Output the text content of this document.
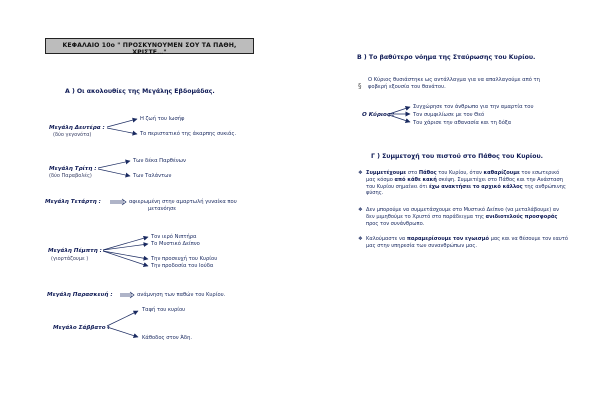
ΚΕΦΑΛΑΙΟ 10ο " ΠΡΟΣΚΥΝΟΥΜΕΝ ΣΟΥ ΤΑ ΠΑΘΗ, ΧΡΙΣΤΕ…"
Α ) Οι ακολουθίες της Μεγάλης Εβδομάδας.
Μεγάλη Δευτέρα :
(δύο γεγονότα)
Η ζωή του Ιωσήφ
Το περιστατικό της άκαρπης συκιάς.
Μεγάλη Τρίτη :
(δύο Παραβολές)
Των δέκα Παρθένων
Των Ταλάντων
Μεγάλη Τετάρτη :	αφιερωμένη στην αμαρτωλή γυναίκα που
μετανόησε
Μεγάλη Πέμπτη :
(γιορτάζουμε )
Τον ιερό Νιπτήρα
Το Μυστικό Δείπνο
Την προσευχή του Κυρίου
Την προδοσία του Ιούδα
Μεγάλη Παρασκευή :	ανάμνηση των παθών του Κυρίου.
Μεγάλο Σάββατο :
Ταφή του κυρίου
Κάθοδος στον Άδη.
Β ) Το βαθύτερο νόημα της Σταύρωσης του Κυρίου.
§
Ο Κύριος θυσιάστηκε ως αντάλλαγμα για να απαλλαγούμε από τη
φοβερή εξουσία του θανάτου.
Ο Κύριος :
Συγχώρησε τον άνθρωπο για την αμαρτία του
Τον συμφιλίωσε με τον Θεό
Του χάρισε την αθανασία και τη δόξα
Γ ) Συμμετοχή του πιστού στο Πάθος του Κυρίου.
❖ Συμμετέχουμε στο Πάθος του Κυρίου, όταν καθαρίζουμε τον εσωτερικό μας κόσμο από κάθε κακή σκέψη. Συμμετέχει στο Πάθος και την Ανάσταση του Κυρίου σημαίνει ότι έχω ανακτήσει το αρχικό κάλλος της ανθρώπινης φύσης.
❖ Δεν μπορούμε να συμμετάσχουμε στο Μυστικό Δείπνο (να μεταλάβουμε) αν δεν μιμηθούμε το Χριστό στο παράδειγμα της ανιδιοτελούς προσφοράς προς τον συνάνθρωπο.
❖ Καλούμαστε να παραμερίσουμε τον εγωισμό μας και να θέσουμε τον εαυτό μας στην υπηρεσία των συνανθρώπων μας.
